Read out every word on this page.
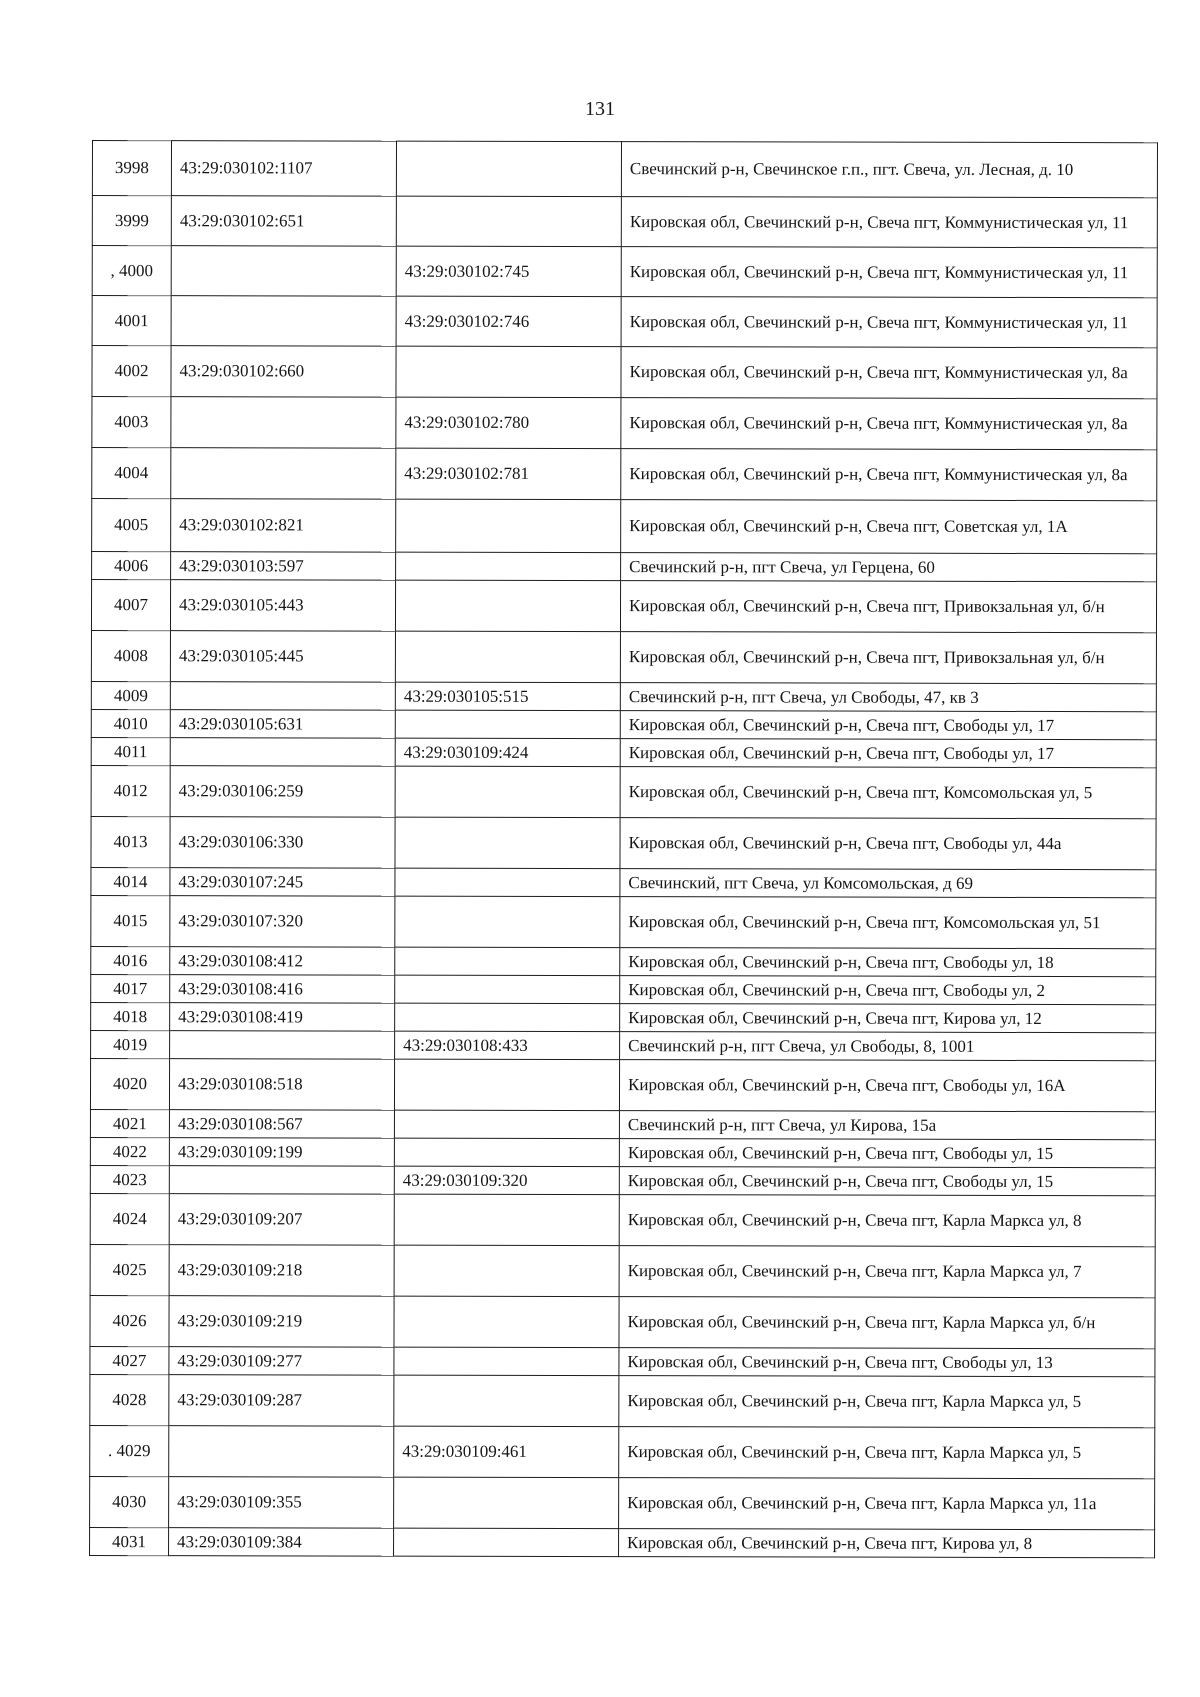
131
3998	43:29:030102:1107		Свечинский р-н, Свечинское г.п., пгт. Свеча, ул. Лесная, д. 10
3999	43:29:030102:651		Кировская обл, Свечинский р-н, Свеча пгт, Коммунистическая ул, 11
, 4000		43:29:030102:745	Кировская обл, Свечинский р-н, Свеча пгт, Коммунистическая ул, 11
4001		43:29:030102:746	Кировская обл, Свечинский р-н, Свеча пгт, Коммунистическая ул, 11
4002	43:29:030102:660		Кировская обл, Свечинский р-н, Свеча пгт, Коммунистическая ул, 8а
4003		43:29:030102:780	Кировская обл, Свечинский р-н, Свеча пгт, Коммунистическая ул, 8а
4004		43:29:030102:781	Кировская обл, Свечинский р-н, Свеча пгт, Коммунистическая ул, 8а
4005	43:29:030102:821		Кировская обл, Свечинский р-н, Свеча пгт, Советская ул, 1А
4006	43:29:030103:597		Свечинский р-н, пгт Свеча, ул Герцена, 60
4007	43:29:030105:443		Кировская обл, Свечинский р-н, Свеча пгт, Привокзальная ул, б/н
4008	43:29:030105:445		Кировская обл, Свечинский р-н, Свеча пгт, Привокзальная ул, б/н
4009		43:29:030105:515	Свечинский р-н, пгт Свеча, ул Свободы, 47, кв 3
4010	43:29:030105:631		Кировская обл, Свечинский р-н, Свеча пгт, Свободы ул, 17
4011		43:29:030109:424	Кировская обл, Свечинский р-н, Свеча пгт, Свободы ул, 17
4012	43:29:030106:259		Кировская обл, Свечинский р-н, Свеча пгт, Комсомольская ул, 5
4013	43:29:030106:330		Кировская обл, Свечинский р-н, Свеча пгт, Свободы ул, 44а
4014	43:29:030107:245		Свечинский, пгт Свеча, ул Комсомольская, д 69
4015	43:29:030107:320		Кировская обл, Свечинский р-н, Свеча пгт, Комсомольская ул, 51
4016	43:29:030108:412		Кировская обл, Свечинский р-н, Свеча пгт, Свободы ул, 18
4017	43:29:030108:416		Кировская обл, Свечинский р-н, Свеча пгт, Свободы ул, 2
4018	43:29:030108:419		Кировская обл, Свечинский р-н, Свеча пгт, Кирова ул, 12
4019		43:29:030108:433	Свечинский р-н, пгт Свеча, ул Свободы, 8, 1001
4020	43:29:030108:518		Кировская обл, Свечинский р-н, Свеча пгт, Свободы ул, 16А
4021	43:29:030108:567		Свечинский р-н, пгт Свеча, ул Кирова, 15а
4022	43:29:030109:199		Кировская обл, Свечинский р-н, Свеча пгт, Свободы ул, 15
4023		43:29:030109:320	Кировская обл, Свечинский р-н, Свеча пгт, Свободы ул, 15
4024	43:29:030109:207		Кировская обл, Свечинский р-н, Свеча пгт, Карла Маркса ул, 8
4025	43:29:030109:218		Кировская обл, Свечинский р-н, Свеча пгт, Карла Маркса ул, 7
4026	43:29:030109:219		Кировская обл, Свечинский р-н, Свеча пгт, Карла Маркса ул, б/н
4027	43:29:030109:277		Кировская обл, Свечинский р-н, Свеча пгт, Свободы ул, 13
4028	43:29:030109:287		Кировская обл, Свечинский р-н, Свеча пгт, Карла Маркса ул, 5
. 4029		43:29:030109:461	Кировская обл, Свечинский р-н, Свеча пгт, Карла Маркса ул, 5
4030	43:29:030109:355		Кировская обл, Свечинский р-н, Свеча пгт, Карла Маркса ул, 11а
4031	43:29:030109:384		Кировская обл, Свечинский р-н, Свеча пгт, Кирова ул, 8
